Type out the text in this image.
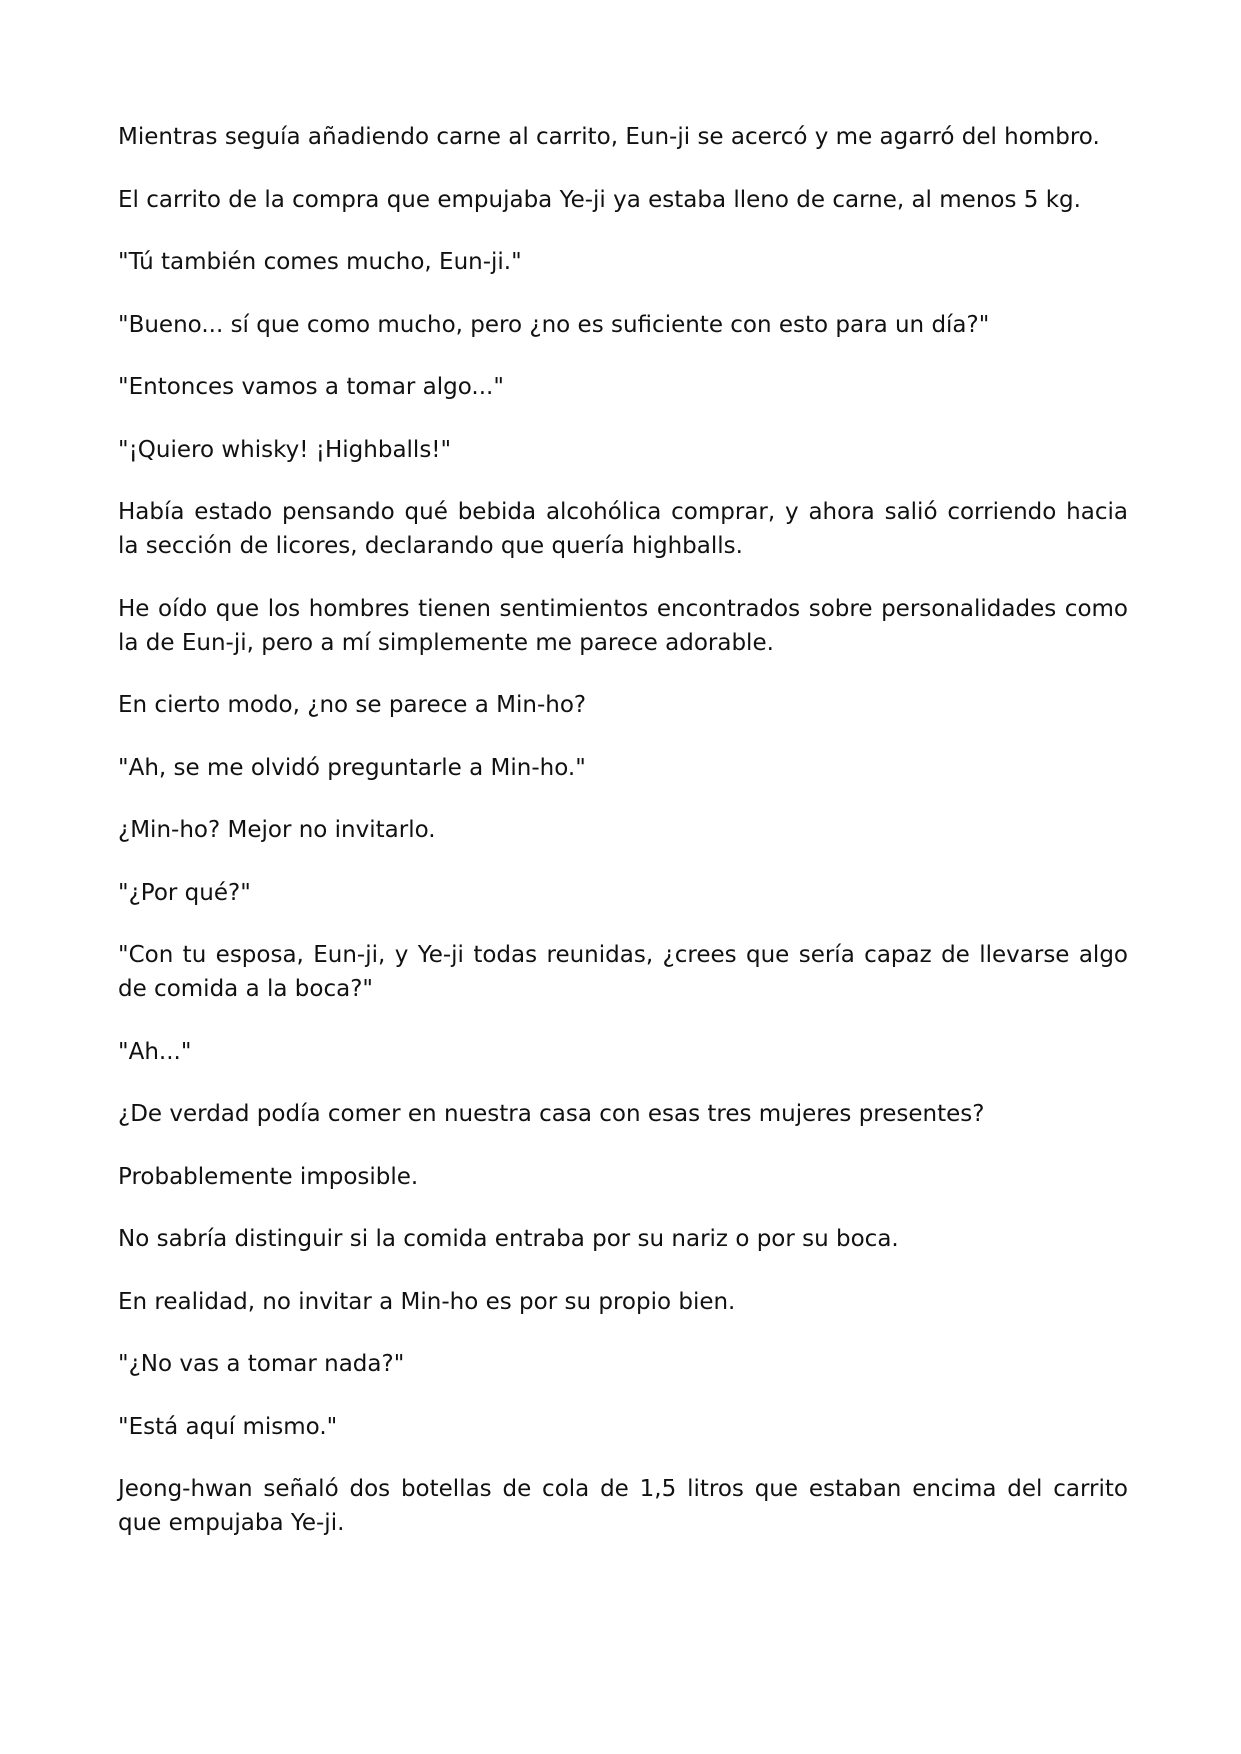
Mientras seguía añadiendo carne al carrito, Eun-ji se acercó y me agarró del hombro.

El carrito de la compra que empujaba Ye-ji ya estaba lleno de carne, al menos 5 kg.

"Tú también comes mucho, Eun-ji."

"Bueno... sí que como mucho, pero ¿no es suficiente con esto para un día?"

"Entonces vamos a tomar algo..."

"¡Quiero whisky! ¡Highballs!"

Había estado pensando qué bebida alcohólica comprar, y ahora salió corriendo hacia la sección de licores, declarando que quería highballs.

He oído que los hombres tienen sentimientos encontrados sobre personalidades como la de Eun-ji, pero a mí simplemente me parece adorable.

En cierto modo, ¿no se parece a Min-ho?

"Ah, se me olvidó preguntarle a Min-ho."

¿Min-ho? Mejor no invitarlo.

"¿Por qué?"

"Con tu esposa, Eun-ji, y Ye-ji todas reunidas, ¿crees que sería capaz de llevarse algo de comida a la boca?"

"Ah..."

¿De verdad podía comer en nuestra casa con esas tres mujeres presentes?

Probablemente imposible.

No sabría distinguir si la comida entraba por su nariz o por su boca.

En realidad, no invitar a Min-ho es por su propio bien.

"¿No vas a tomar nada?"

"Está aquí mismo."

Jeong-hwan señaló dos botellas de cola de 1,5 litros que estaban encima del carrito que empujaba Ye-ji.
